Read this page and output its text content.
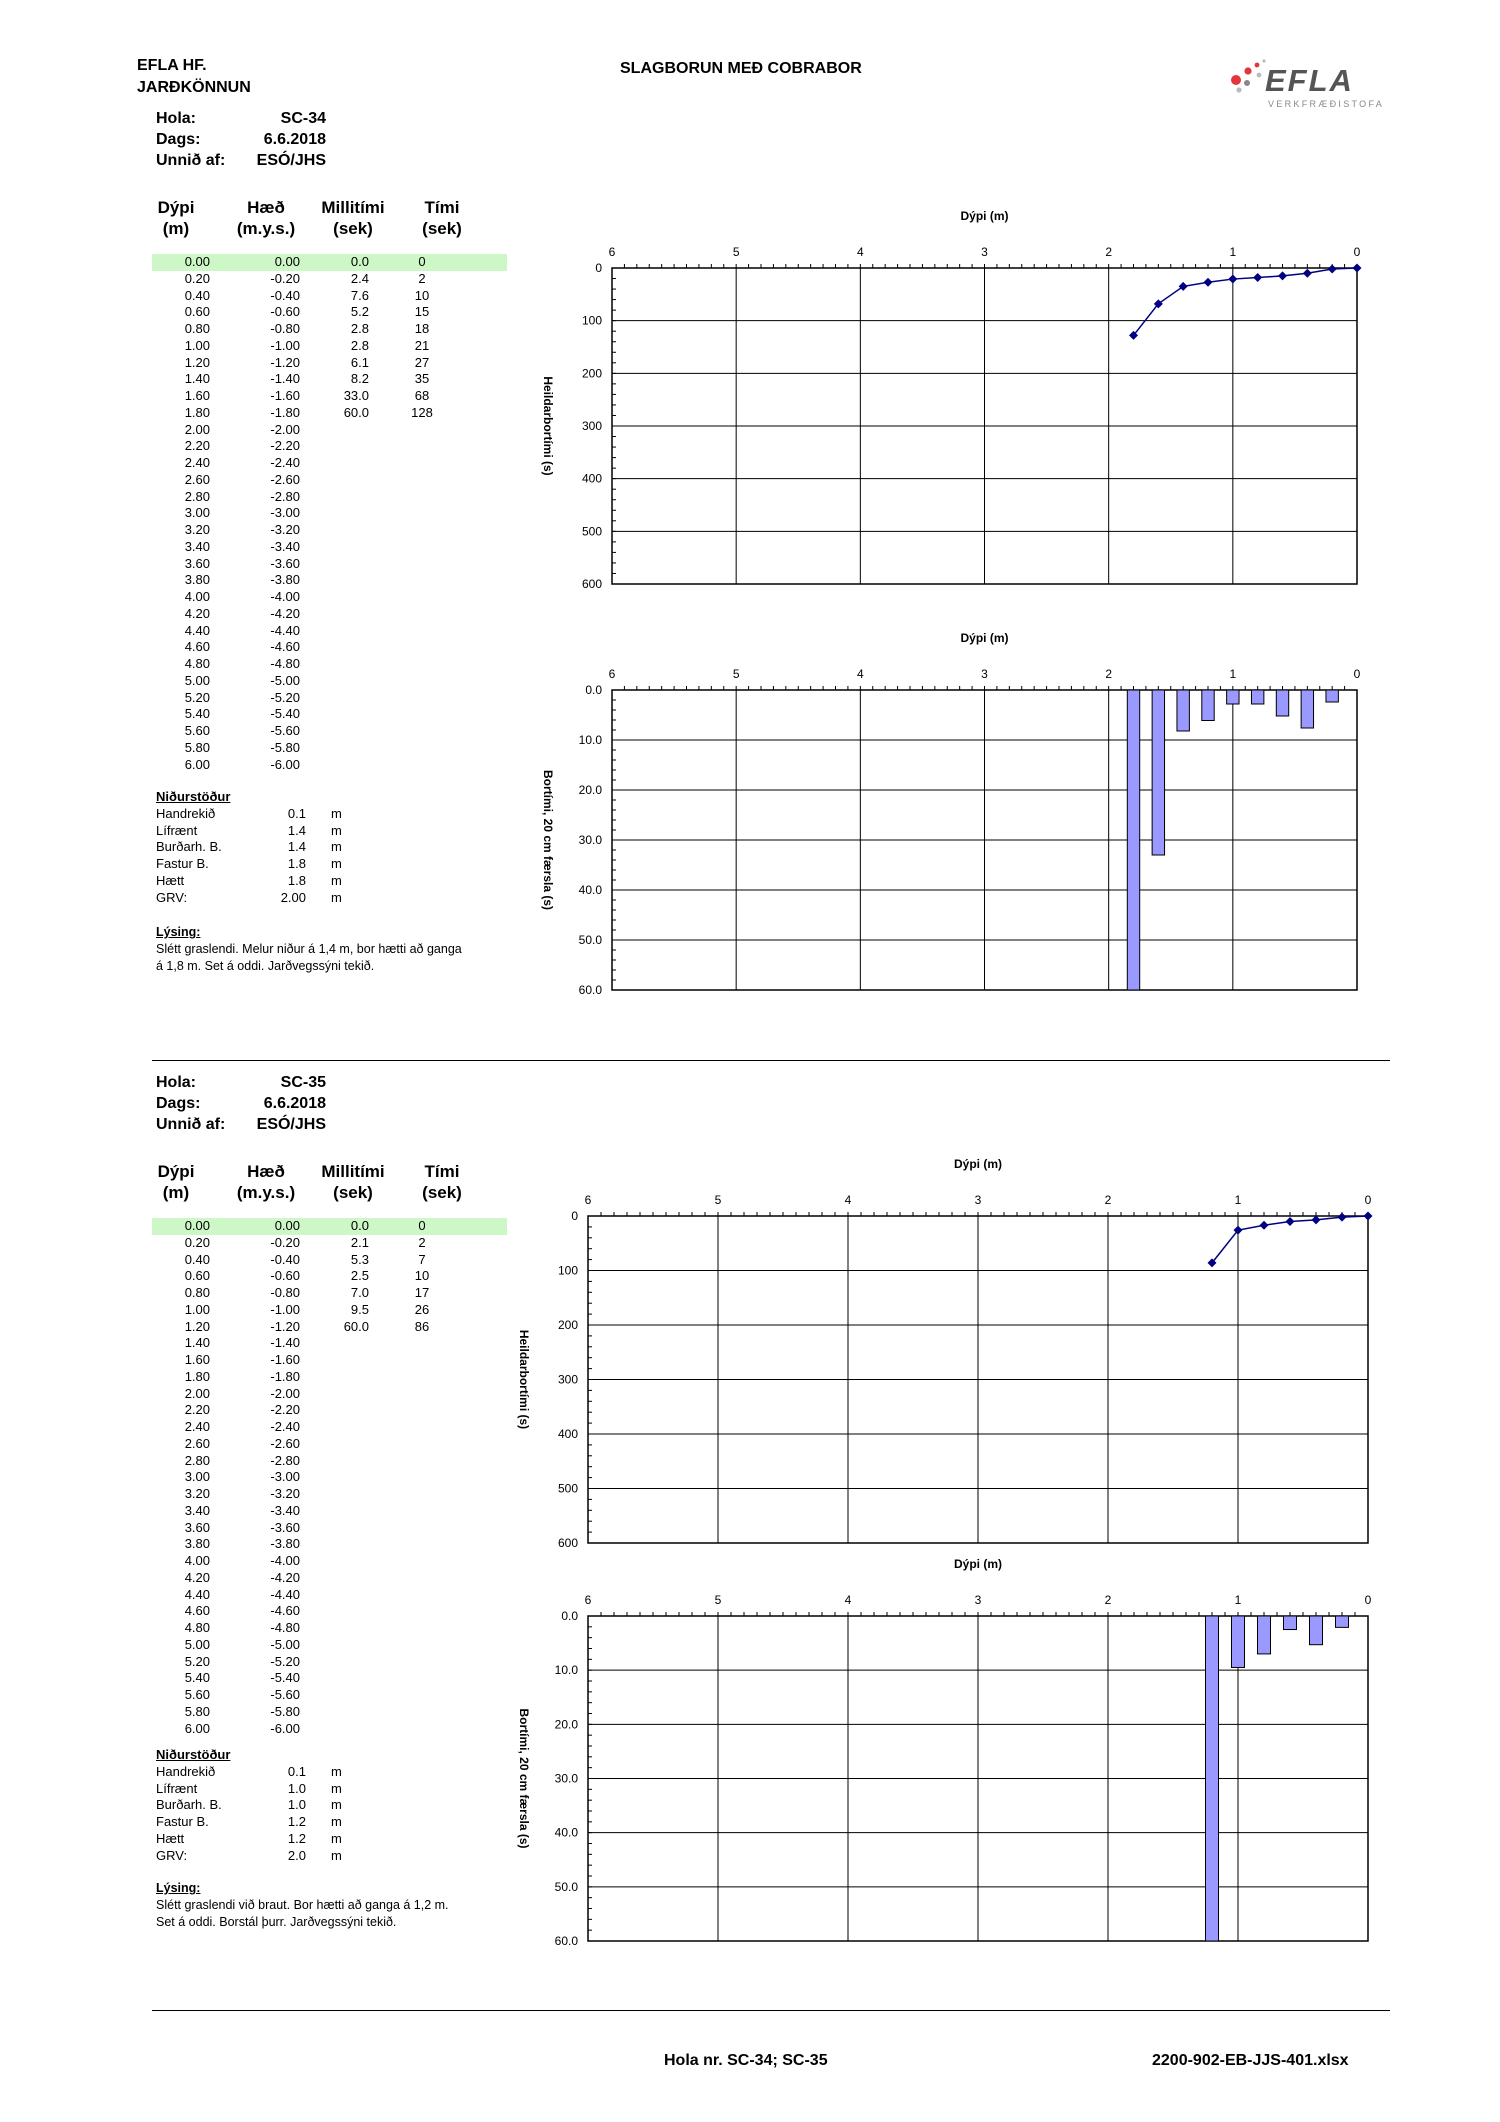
EFLA HF.
JARÐKÖNNUN
SLAGBORUN MEÐ COBRABOR	EFLA
VERKFRÆÐISTOFA
Hola:	SC-34
Dags:	6.6.2018
Unnið af:	ESÓ/JHS
Dýpi
(m)
Hæð
(m.y.s.)
Millitími
(sek)
Tími
(sek)
0.00	0.00	0.0	0
0.20	-0.20	2.4	2
0.40	-0.40	7.6	10
0.60	-0.60	5.2	15
0.80	-0.80	2.8	18
1.00	-1.00	2.8	21
1.20	-1.20	6.1	27
1.40	-1.40	8.2	35
1.60	-1.60	33.0	68
1.80	-1.80	60.0	128
2.00	-2.00
2.20	-2.20
2.40	-2.40
2.60	-2.60
2.80	-2.80
3.00	-3.00
3.20	-3.20
3.40	-3.40
3.60	-3.60
3.80	-3.80
4.00	-4.00
4.20	-4.20
4.40	-4.40
4.60	-4.60
4.80	-4.80
5.00	-5.00
5.20	-5.20
5.40	-5.40
5.60	-5.60
5.80	-5.80
6.00	-6.00
Niðurstöður
Handrekið	0.1 m
Lífrænt	1.4 m
Burðarh. B.	1.4 m
Fastur B.	1.8 m
Hætt	1.8 m
GRV:	2.00 m
Lýsing:
Slétt graslendi. Melur niður á 1,4 m, bor hætti að ganga
á 1,8 m. Set á oddi. Jarðvegssýni tekið.
Hola:	SC-35
Dags:	6.6.2018
Unnið af:	ESÓ/JHS
Dýpi
(m)
Hæð
(m.y.s.)
Millitími
(sek)
Tími
(sek)
0.00	0.00	0.0	0
0.20	-0.20	2.1	2
0.40	-0.40	5.3	7
0.60	-0.60	2.5	10
0.80	-0.80	7.0	17
1.00	-1.00	9.5	26
1.20	-1.20	60.0	86
1.40	-1.40
1.60	-1.60
1.80	-1.80
2.00	-2.00
2.20	-2.20
2.40	-2.40
2.60	-2.60
2.80	-2.80
3.00	-3.00
3.20	-3.20
3.40	-3.40
3.60	-3.60
3.80	-3.80
4.00	-4.00
4.20	-4.20
4.40	-4.40
4.60	-4.60
4.80	-4.80
5.00	-5.00
5.20	-5.20
5.40	-5.40
5.60	-5.60
5.80	-5.80
6.00	-6.00
Niðurstöður
Handrekið	0.1 m
Lífrænt	1.0 m
Burðarh. B.	1.0 m
Fastur B.	1.2 m
Hætt	1.2 m
GRV:	2.0 m
Lýsing:
Slétt graslendi við braut. Bor hætti að ganga á 1,2 m.
Set á oddi. Borstál þurr. Jarðvegssýni tekið.
Hola nr. SC-34; SC-35	2200-902-EB-JJS-401.xlsx
Dýpi (m)
0
100
200
300
400
500
600
6	5	4	3	2	1	0
Heildarbortími (s)
Dýpi (m)
0.0
10.0
20.0
30.0
40.0
50.0
60.0
6	5	4	3	2	1	0
Bortími, 20 cm færsla (s)
Dýpi (m)
0
100
200
300
400
500
600
6	5	4	3	2	1	0
Heildarbortími (s)
Dýpi (m)
0.0
10.0
20.0
30.0
40.0
50.0
60.0
6	5	4	3	2	1	0
Bortími, 20 cm færsla (s)
